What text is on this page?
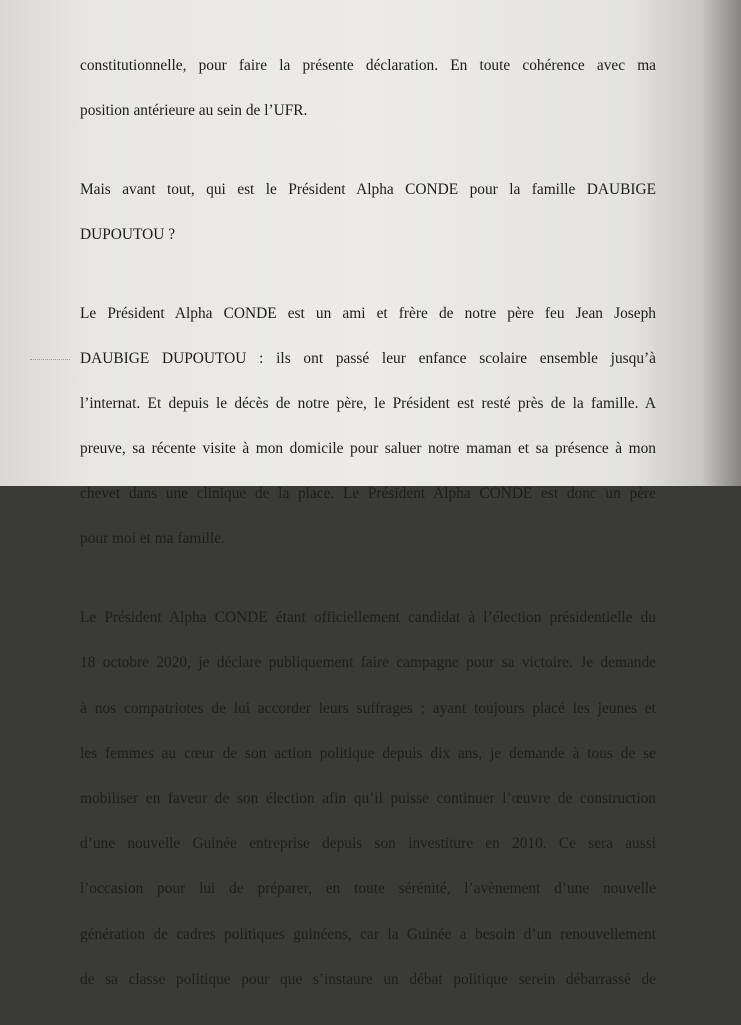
constitutionnelle, pour faire la présente déclaration. En toute cohérence avec ma

position antérieure au sein de l’UFR.

Mais avant tout, qui est le Président Alpha CONDE pour la famille DAUBIGE

DUPOUTOU ?

Le Président Alpha CONDE est un ami et frère de notre père feu Jean Joseph

DAUBIGE DUPOUTOU : ils ont passé leur enfance scolaire ensemble jusqu’à

l’internat. Et depuis le décès de notre père, le Président est resté près de la famille. A

preuve, sa récente visite à mon domicile pour saluer notre maman et sa présence à mon

chevet dans une clinique de la place. Le Président Alpha CONDE est donc un père

pour moi et ma famille.

Le Président Alpha CONDE étant officiellement candidat à l’élection présidentielle du

18 octobre 2020, je déclare publiquement faire campagne pour sa victoire. Je demande

à nos compatriotes de lui accorder leurs suffrages ; ayant toujours placé les jeunes et

les femmes au cœur de son action politique depuis dix ans, je demande à tous de se

mobiliser en faveur de son élection afin qu’il puisse continuer l’œuvre de construction

d’une nouvelle Guinée entreprise depuis son investiture en 2010. Ce sera aussi

l’occasion pour lui de préparer, en toute sérénité, l’avènement d’une nouvelle

génération de cadres politiques guinéens, car la Guinée a besoin d’un renouvellement

de sa classe politique pour que s’instaure un débat politique serein débarrassé de
